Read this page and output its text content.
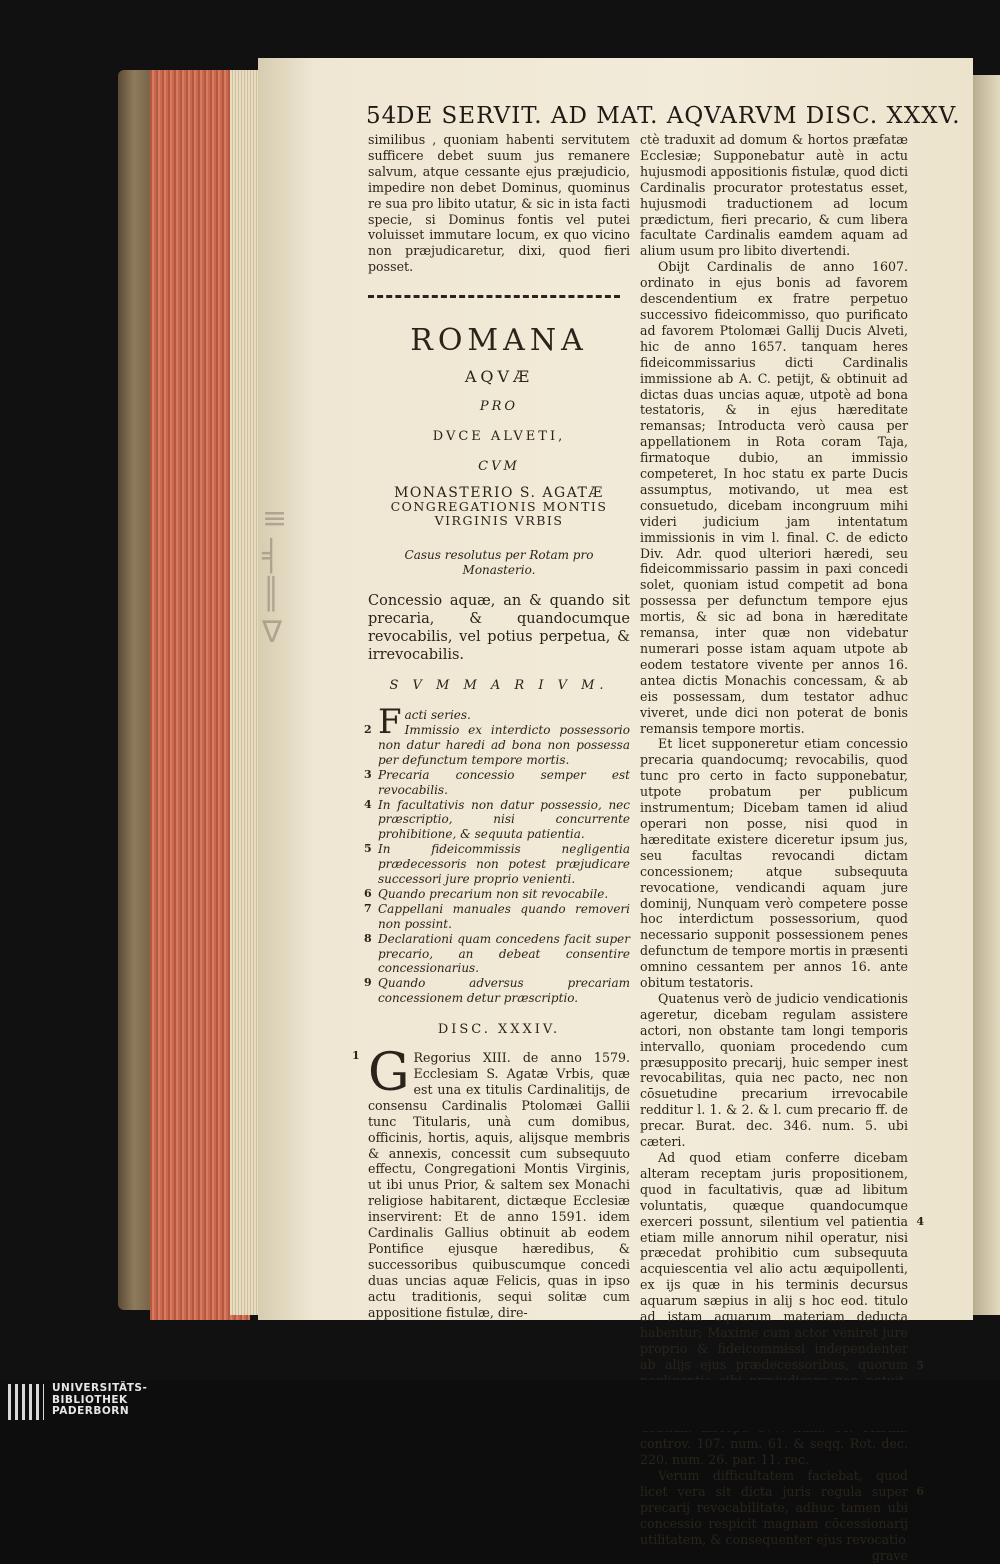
≡
╡
║
∇
54
DE SERVIT. AD MAT. AQVARVM DISC. XXXV.

similibus , quoniam habenti servitutem sufficere debet suum jus remanere salvum, atque cessante ejus præjudicio, impedire non debet Dominus, quominus re sua pro libito utatur, & sic in ista facti specie, si Dominus fontis vel putei voluisset immutare locum, ex quo vicino non præjudicaretur, dixi, quod fieri posset.

ROMANA
AQVÆ
PRO
DVCE ALVETI,
CVM
MONASTERIO S. AGATÆ
CONGREGATIONIS MONTIS
VIRGINIS VRBIS
Casus resolutus per Rotam pro Monasterio.
Concessio aquæ, an & quando sit precaria, & quandocumque revocabilis, vel potius perpetua, & irrevocabilis.
S V M M A R I V M.
Facti series.
2	Immissio ex interdicto possessorio non datur haredi ad bona non possessa per defunctum tempore mortis.
3 Precaria concessio semper est revocabilis.
4 In facultativis non datur possessio, nec præscriptio, nisi concurrente prohibitione, & sequuta patientia.
5 In fideicommissis negligentia prædecessoris non potest præjudicare successori jure proprio venienti.
6 Quando precarium non sit revocabile.
7 Cappellani manuales quando removeri non possint.
8 Declarationi quam concedens facit super precario, an debeat consentire concessionarius.
9 Quando adversus precariam concessionem detur præscriptio.
DISC. XXXIV.

1 G Regorius XIII. de anno 1579. Ecclesiam S. Agatæ Vrbis, quæ est una ex titulis Cardinalitijs, de consensu Cardinalis Ptolomæi Gallii tunc Titularis, unà cum domibus, officinis, hortis, aquis, alijsque membris & annexis, concessit cum subsequuto effectu, Congregationi Montis Virginis, ut ibi unus Prior, & saltem sex Monachi religiose habitarent, dictæque Ecclesiæ inservirent: Et de anno 1591. idem Cardinalis Gallius obtinuit ab eodem Pontifice ejusque hæredibus, & successoribus quibuscumque concedi duas uncias aquæ Felicis, quas in ipso actu traditionis, sequi solitæ cum appositione fistulæ, dire-

ctè traduxit ad domum & hortos præfatæ Ecclesiæ; Supponebatur autè in actu hujusmodi appositionis fistulæ, quod dicti Cardinalis procurator protestatus esset, hujusmodi traductionem ad locum prædictum, fieri precario, & cum libera facultate Cardinalis eamdem aquam ad alium usum pro libito divertendi.

Obijt Cardinalis de anno 1607. ordinato in ejus bonis ad favorem descendentium ex fratre perpetuo successivo fideicommisso, quo purificato ad favorem Ptolomæi Gallij Ducis Alveti, hic de anno 1657. tanquam heres fideicommissarius dicti Cardinalis immissione ab A. C. petijt, & obtinuit ad dictas duas uncias aquæ, utpotè ad bona testatoris, & in ejus hæreditate remansas; Introducta verò causa per appellationem in Rota coram Taja, firmatoque dubio, an immissio competeret, In hoc statu ex parte Ducis assumptus, motivando, ut mea est consuetudo, dicebam incongruum mihi videri judicium jam intentatum immissionis in vim l. final. C. de edicto Div. Adr. quod ulteriori hæredi, seu fideicommissario passim in paxi concedi solet, quoniam istud competit ad bona possessa per defunctum tempore ejus mortis, & sic ad bona in hæreditate remansa, inter quæ non videbatur numerari posse istam aquam utpote ab eodem testatore vivente per annos 16. antea dictis Monachis concessam, & ab eis possessam, dum testator adhuc viveret, unde dici non poterat de bonis remansis tempore mortis.

Et licet supponeretur etiam concessio precaria quandocumq; revocabilis, quod tunc pro certo in facto supponebatur, utpote probatum per publicum instrumentum; Dicebam tamen id aliud operari non posse, nisi quod in hæreditate existere diceretur ipsum jus, seu facultas revocandi dictam concessionem; atque subsequuta revocatione, vendicandi aquam jure dominij, Nunquam verò competere posse hoc interdictum possessorium, quod necessario supponit possessionem penes defunctum de tempore mortis in præsenti omnino cessantem per annos 16. ante obitum testatoris.

Quatenus verò de judicio vendicationis ageretur, dicebam regulam assistere actori, non obstante tam longi temporis intervallo, quoniam procedendo cum præsupposito precarij, huic semper inest revocabilitas, quia nec pacto, nec non cōsuetudine precarium irrevocabile redditur l. 1. & 2. & l. cum precario ff. de precar. Burat. dec. 346. num. 5. ubi cæteri.

4
5
Ad quod etiam conferre dicebam alteram receptam juris propositionem, quod in facultativis, quæ ad libitum voluntatis, quæque quandocumque exerceri possunt, silentium vel patientia etiam mille annorum nihil operatur, nisi præcedat prohibitio cum subsequuta acquiescentia vel alio actu æquipollenti, ex ijs quæ in his terminis decursus aquarum sæpius in alij s hoc eod. titulo ad istam aquarum materiam deducta habentur; Maxime cum actor veniret jure proprio & fideicommissi independenter ab alijs ejus prædecessoribus, quorum controv. 107. num. 61. & seqq. Rot. dec. 220. num. 26. par. 11. rec.

6
Verum difficultatem faciebat, quod licet vera sit dicta juris regula super precarij revocabilitate, adhuc tamen ubi concessio respicit magnam cōcessionarij utilitatem, & consequenter ejus revocatio

grave

UNIVERSITÄTS-
BIBLIOTHEK
PADERBORN
